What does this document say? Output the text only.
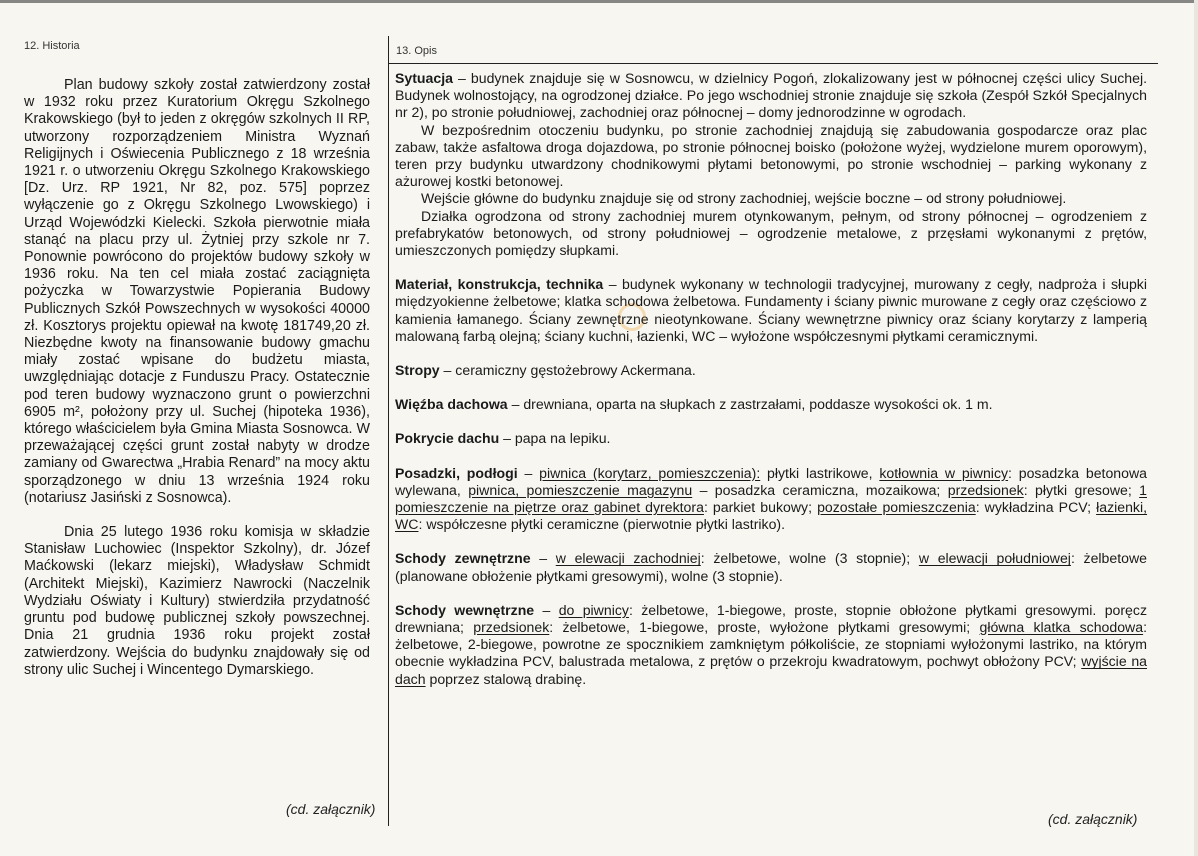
12. Historia	13. Opis

Plan budowy szkoły został zatwierdzony został w 1932 roku przez Kuratorium Okręgu Szkolnego Krakowskiego (był to jeden z okręgów szkolnych II RP, utworzony rozporządzeniem Ministra Wyznań Religijnych i Oświecenia Publicznego z 18 września 1921 r. o utworzeniu Okręgu Szkolnego Krakowskiego [Dz. Urz. RP 1921, Nr 82, poz. 575] poprzez wyłączenie go z Okręgu Szkolnego Lwowskiego) i Urząd Wojewódzki Kielecki. Szkoła pierwotnie miała stanąć na placu przy ul. Żytniej przy szkole nr 7. Ponownie powrócono do projektów budowy szkoły w 1936 roku. Na ten cel miała zostać zaciągnięta pożyczka w Towarzystwie Popierania Budowy Publicznych Szkół Powszechnych w wysokości 40000 zł. Kosztorys projektu opiewał na kwotę 181749,20 zł. Niezbędne kwoty na finansowanie budowy gmachu miały zostać wpisane do budżetu miasta, uwzględniając dotacje z Funduszu Pracy. Ostatecznie pod teren budowy wyznaczono grunt o powierzchni 6905 m², położony przy ul. Suchej (hipoteka 1936), którego właścicielem była Gmina Miasta Sosnowca. W przeważającej części grunt został nabyty w drodze zamiany od Gwarectwa „Hrabia Renard” na mocy aktu sporządzonego w dniu 13 września 1924 roku (notariusz Jasiński z Sosnowca).

Dnia 25 lutego 1936 roku komisja w składzie Stanisław Luchowiec (Inspektor Szkolny), dr. Józef Maćkowski (lekarz miejski), Władysław Schmidt (Architekt Miejski), Kazimierz Nawrocki (Naczelnik Wydziału Oświaty i Kultury) stwierdziła przydatność gruntu pod budowę publicznej szkoły powszechnej. Dnia 21 grudnia 1936 roku projekt został zatwierdzony. Wejścia do budynku znajdowały się od strony ulic Suchej i Wincentego Dymarskiego.

(cd. załącznik)

Sytuacja – budynek znajduje się w Sosnowcu, w dzielnicy Pogoń, zlokalizowany jest w północnej części ulicy Suchej. Budynek wolnostojący, na ogrodzonej działce. Po jego wschodniej stronie znajduje się szkoła (Zespół Szkół Specjalnych nr 2), po stronie południowej, zachodniej oraz północnej – domy jednorodzinne w ogrodach.

W bezpośrednim otoczeniu budynku, po stronie zachodniej znajdują się zabudowania gospodarcze oraz plac zabaw, także asfaltowa droga dojazdowa, po stronie północnej boisko (położone wyżej, wydzielone murem oporowym), teren przy budynku utwardzony chodnikowymi płytami betonowymi, po stronie wschodniej – parking wykonany z ażurowej kostki betonowej.

Wejście główne do budynku znajduje się od strony zachodniej, wejście boczne – od strony południowej.

Działka ogrodzona od strony zachodniej murem otynkowanym, pełnym, od strony północnej – ogrodzeniem z prefabrykatów betonowych, od strony południowej – ogrodzenie metalowe, z przęsłami wykonanymi z prętów, umieszczonych pomiędzy słupkami.

Materiał, konstrukcja, technika – budynek wykonany w technologii tradycyjnej, murowany z cegły, nadproża i słupki międzyokienne żelbetowe; klatka schodowa żelbetowa. Fundamenty i ściany piwnic murowane z cegły oraz częściowo z kamienia łamanego. Ściany zewnętrzne nieotynkowane. Ściany wewnętrzne piwnicy oraz ściany korytarzy z lamperią malowaną farbą olejną; ściany kuchni, łazienki, WC – wyłożone współczesnymi płytkami ceramicznymi.

Stropy – ceramiczny gęstożebrowy Ackermana.

Więźba dachowa – drewniana, oparta na słupkach z zastrzałami, poddasze wysokości ok. 1 m.

Pokrycie dachu – papa na lepiku.

Posadzki, podłogi – piwnica (korytarz, pomieszczenia): płytki lastrikowe, kotłownia w piwnicy: posadzka betonowa wylewana, piwnica, pomieszczenie magazynu – posadzka ceramiczna, mozaikowa; przedsionek: płytki gresowe; 1 pomieszczenie na piętrze oraz gabinet dyrektora: parkiet bukowy; pozostałe pomieszczenia: wykładzina PCV; łazienki, WC: współczesne płytki ceramiczne (pierwotnie płytki lastriko).

Schody zewnętrzne – w elewacji zachodniej: żelbetowe, wolne (3 stopnie); w elewacji południowej: żelbetowe (planowane obłożenie płytkami gresowymi), wolne (3 stopnie).

Schody wewnętrzne – do piwnicy: żelbetowe, 1-biegowe, proste, stopnie obłożone płytkami gresowymi. poręcz drewniana; przedsionek: żelbetowe, 1-biegowe, proste, wyłożone płytkami gresowymi; główna klatka schodowa: żelbetowe, 2-biegowe, powrotne ze spocznikiem zamkniętym półkoliście, ze stopniami wyłożonymi lastriko, na którym obecnie wykładzina PCV, balustrada metalowa, z prętów o przekroju kwadratowym, pochwyt obłożony PCV; wyjście na dach poprzez stalową drabinę.

(cd. załącznik)
